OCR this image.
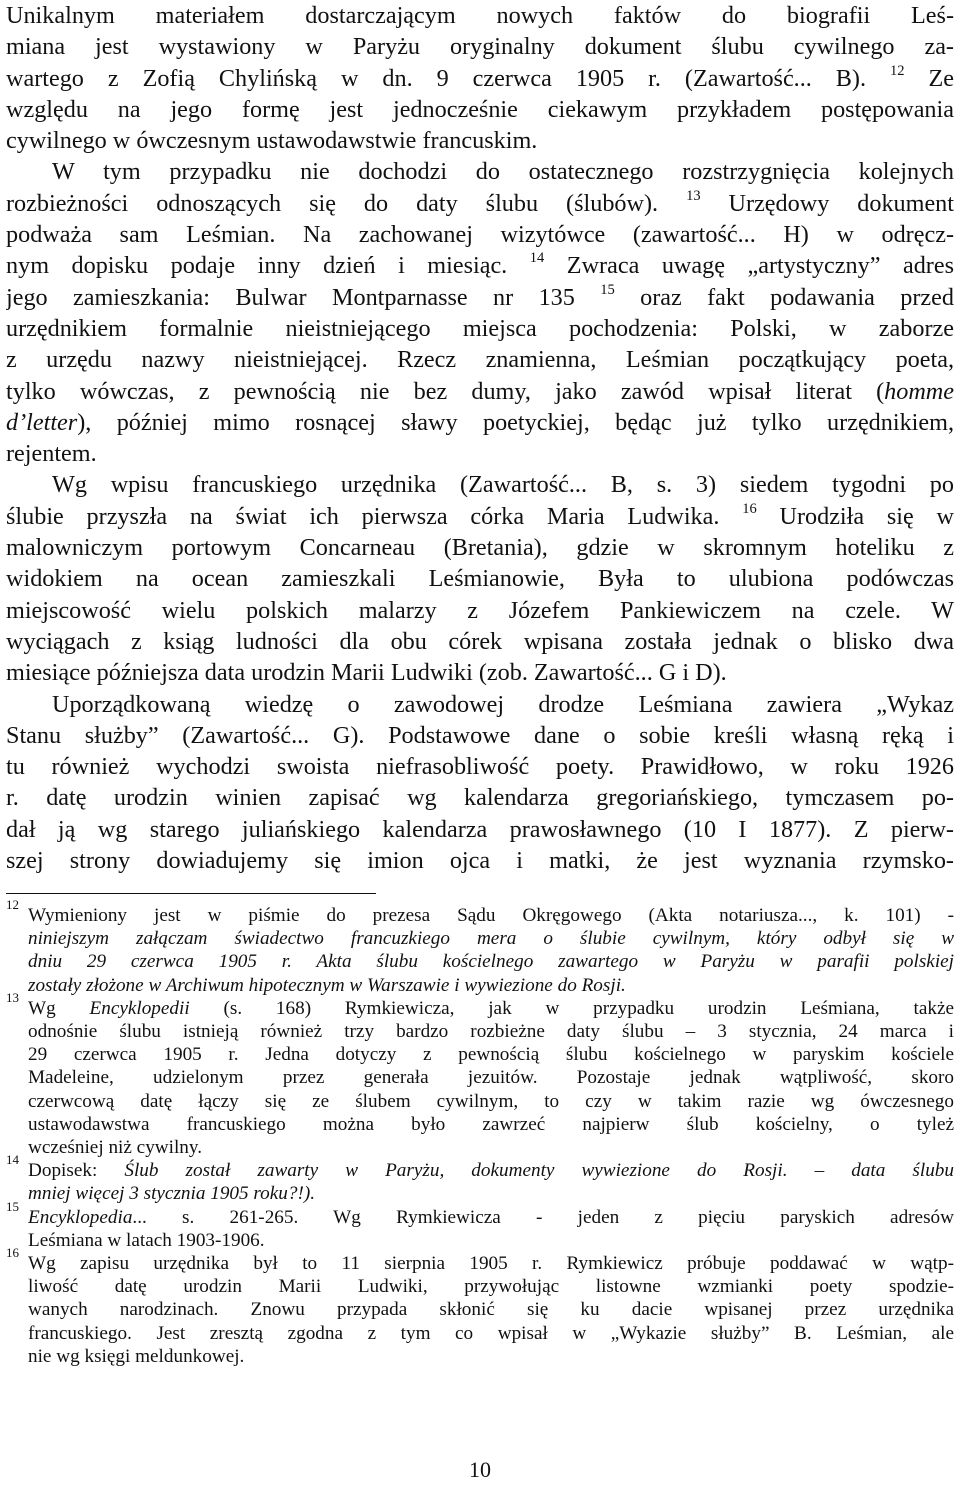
Unikalnym materiałem dostarczającym nowych faktów do biografii Leś-
miana jest wystawiony w Paryżu oryginalny dokument ślubu cywilnego za-
wartego z Zofią Chylińską w dn. 9 czerwca 1905 r. (Zawartość... B). $^{12}$ Ze
względu na jego formę jest jednocześnie ciekawym przykładem postępowania
cywilnego w ówczesnym ustawodawstwie francuskim.
W tym przypadku nie dochodzi do ostatecznego rozstrzygnięcia kolejnych
rozbieżności odnoszących się do daty ślubu (ślubów). $^{13}$ Urzędowy dokument
podważa sam Leśmian. Na zachowanej wizytówce (zawartość... H) w odręcz-
nym dopisku podaje inny dzień i miesiąc. $^{14}$ Zwraca uwagę „artystyczny” adres
jego zamieszkania: Bulwar Montparnasse nr 135 $^{15}$ oraz fakt podawania przed
urzędnikiem formalnie nieistniejącego miejsca pochodzenia: Polski, w zaborze
z urzędu nazwy nieistniejącej. Rzecz znamienna, Leśmian początkujący poeta,
tylko wówczas, z pewnością nie bez dumy, jako zawód wpisał literat (homme
d’letter), później mimo rosnącej sławy poetyckiej, będąc już tylko urzędnikiem,
rejentem.
Wg wpisu francuskiego urzędnika (Zawartość... B, s. 3) siedem tygodni po
ślubie przyszła na świat ich pierwsza córka Maria Ludwika. $^{16}$ Urodziła się w
malowniczym portowym Concarneau (Bretania), gdzie w skromnym hoteliku z
widokiem na ocean zamieszkali Leśmianowie, Była to ulubiona podówczas
miejscowość wielu polskich malarzy z Józefem Pankiewiczem na czele. W
wyciągach z ksiąg ludności dla obu córek wpisana została jednak o blisko dwa
miesiące późniejsza data urodzin Marii Ludwiki (zob. Zawartość... G i D).
Uporządkowaną wiedzę o zawodowej drodze Leśmiana zawiera „Wykaz
Stanu służby” (Zawartość... G). Podstawowe dane o sobie kreśli własną ręką i
tu również wychodzi swoista niefrasobliwość poety. Prawidłowo, w roku 1926
r. datę urodzin winien zapisać wg kalendarza gregoriańskiego, tymczasem po-
dał ją wg starego juliańskiego kalendarza prawosławnego (10 I 1877). Z pierw-
szej strony dowiadujemy się imion ojca i matki, że jest wyznania rzymsko-
12
Wymieniony jest w piśmie do prezesa Sądu Okręgowego (Akta notariusza..., k. 101) -
niniejszym załączam świadectwo francuzkiego mera o ślubie cywilnym, który odbył się w
dniu 29 czerwca 1905 r. Akta ślubu kościelnego zawartego w Paryżu w parafii polskiej
zostały złożone w Archiwum hipotecznym w Warszawie i wywiezione do Rosji.
13
Wg Encyklopedii (s. 168) Rymkiewicza, jak w przypadku urodzin Leśmiana, także
odnośnie ślubu istnieją również trzy bardzo rozbieżne daty ślubu – 3 stycznia, 24 marca i
29 czerwca 1905 r. Jedna dotyczy z pewnością ślubu kościelnego w paryskim kościele
Madeleine, udzielonym przez generała jezuitów. Pozostaje jednak wątpliwość, skoro
czerwcową datę łączy się ze ślubem cywilnym, to czy w takim razie wg ówczesnego
ustawodawstwa francuskiego można było zawrzeć najpierw ślub kościelny, o tyleż
wcześniej niż cywilny.
14
Dopisek: Ślub został zawarty w Paryżu, dokumenty wywiezione do Rosji. – data ślubu
mniej więcej 3 stycznia 1905 roku?!).
15
Encyklopedia... s. 261-265. Wg Rymkiewicza - jeden z pięciu paryskich adresów
Leśmiana w latach 1903-1906.
16
Wg zapisu urzędnika był to 11 sierpnia 1905 r. Rymkiewicz próbuje poddawać w wątp-
liwość datę urodzin Marii Ludwiki, przywołując listowne wzmianki poety spodzie-
wanych narodzinach. Znowu przypada skłonić się ku dacie wpisanej przez urzędnika
francuskiego. Jest zresztą zgodna z tym co wpisał w „Wykazie służby” B. Leśmian, ale
nie wg księgi meldunkowej.
10
